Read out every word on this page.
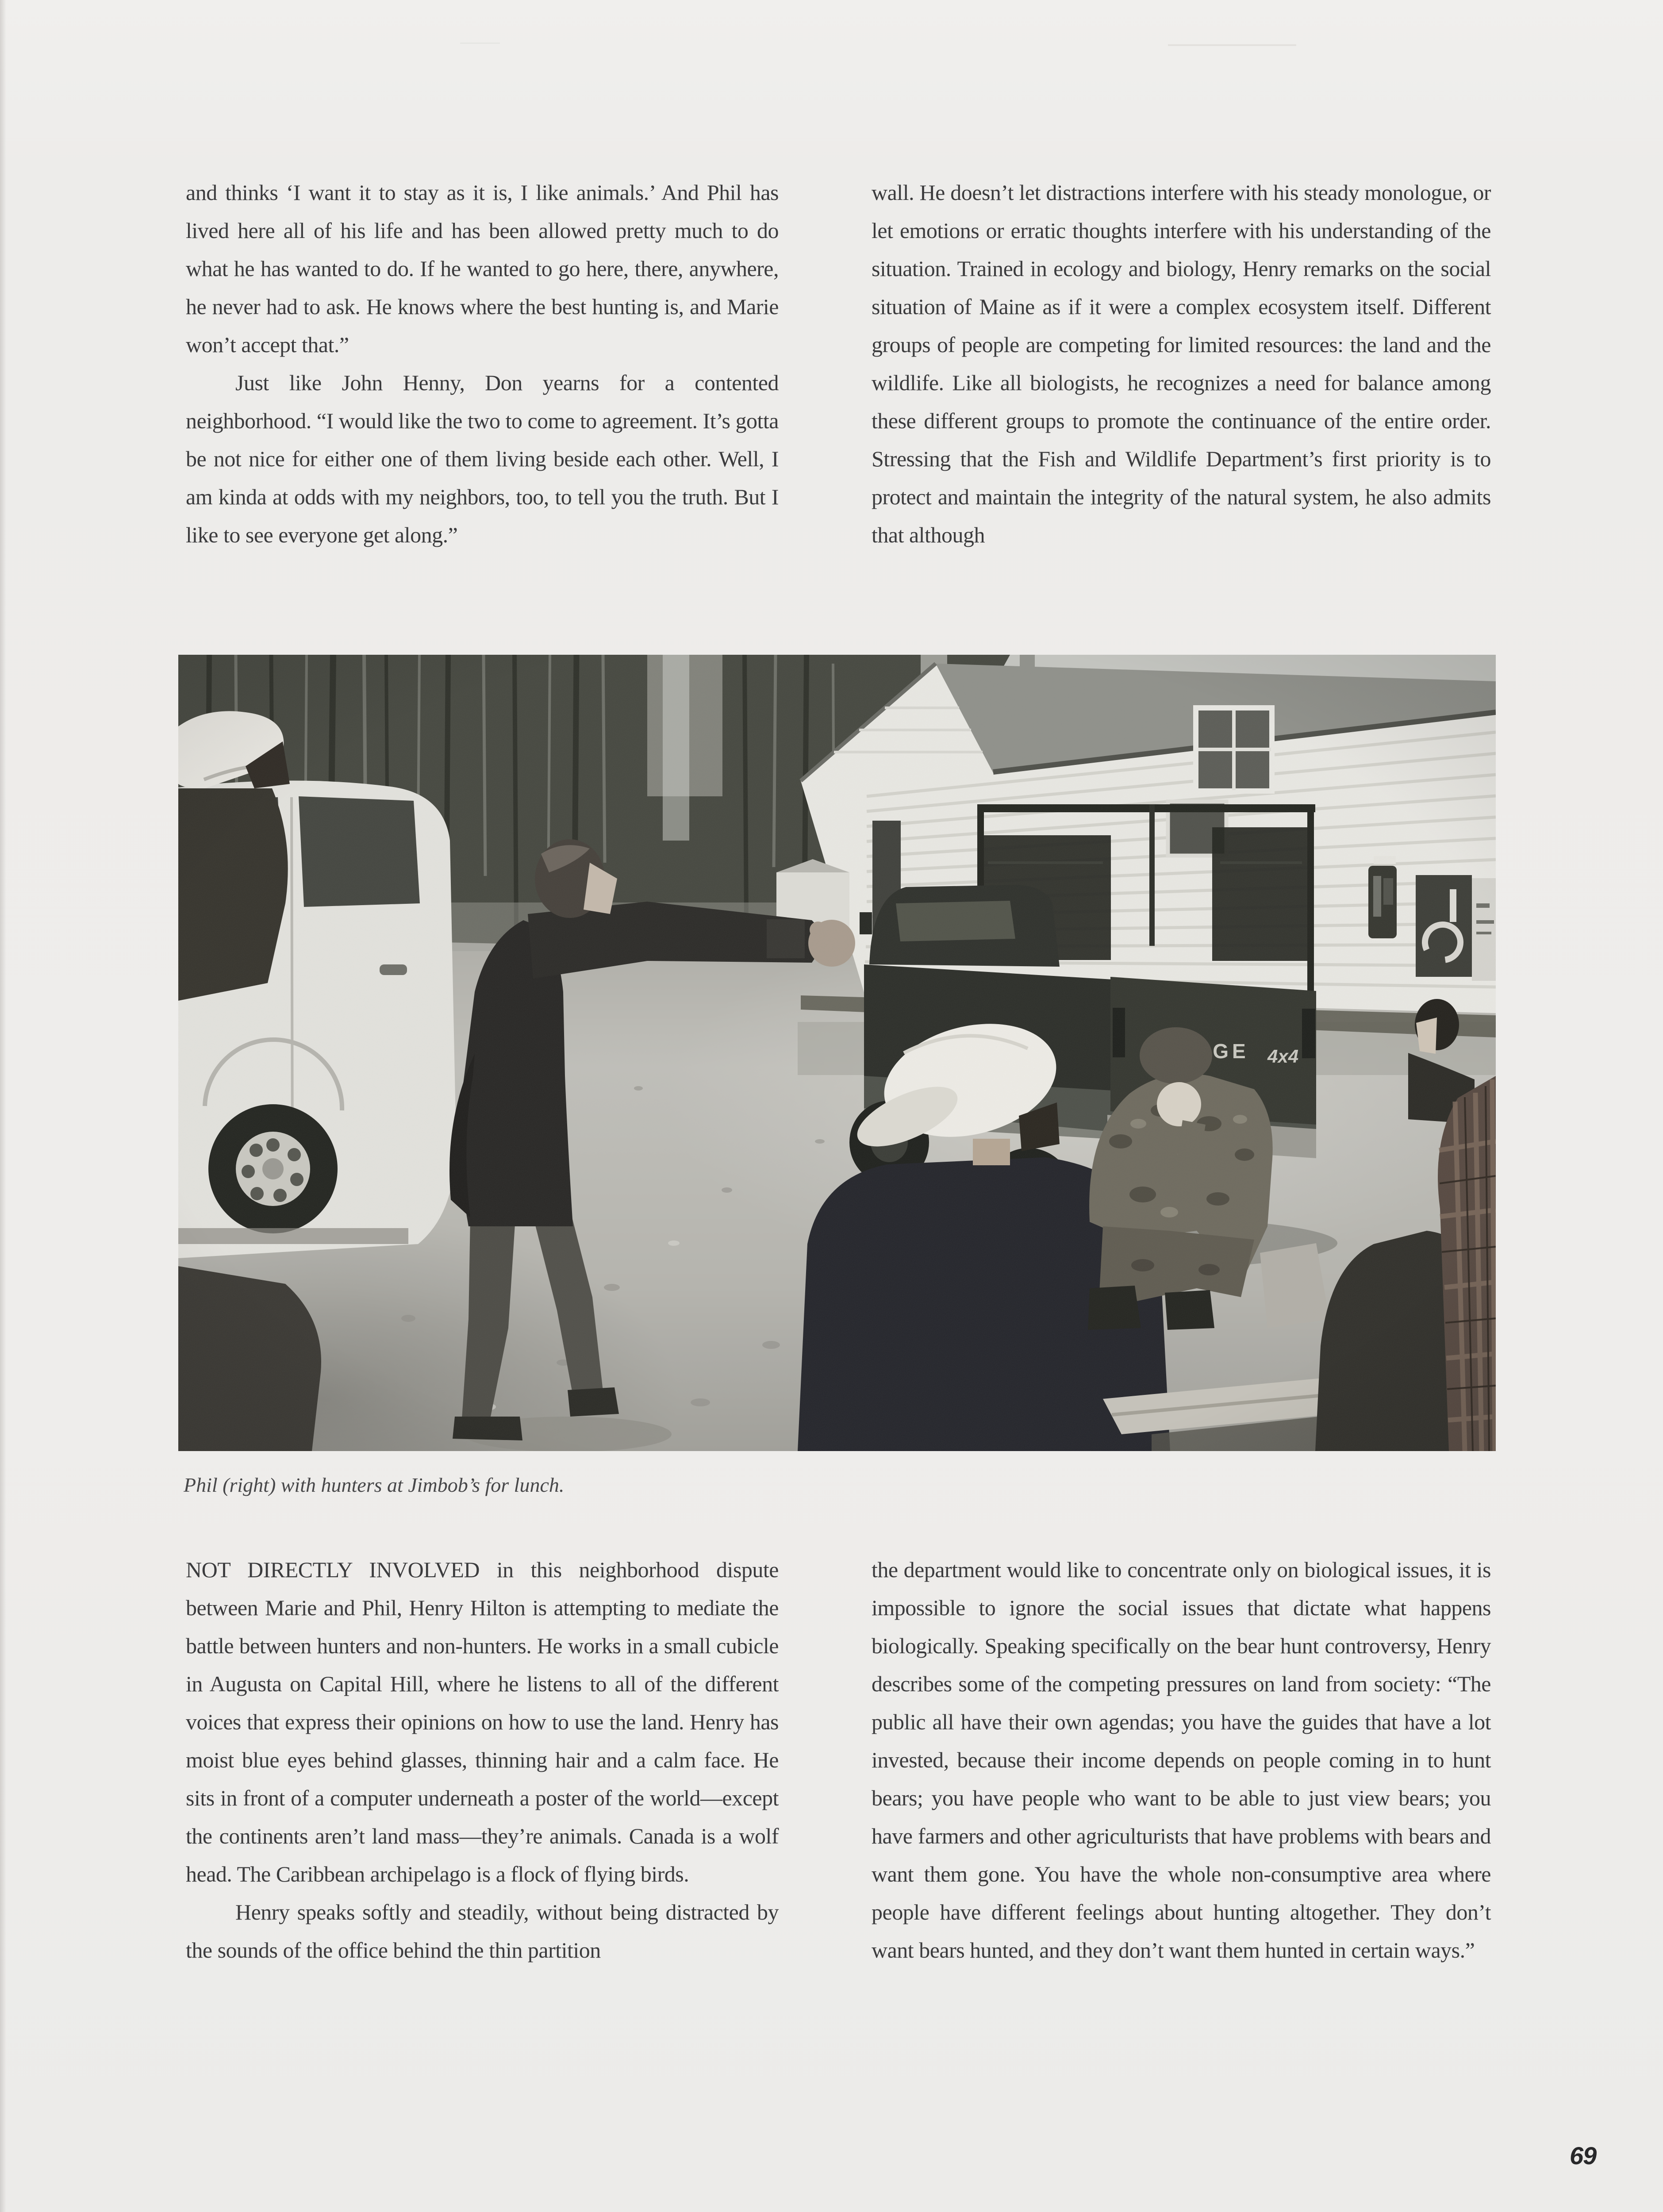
and thinks ‘I want it to stay as it is, I like animals.’ And Phil has lived here all of his life and has been allowed pretty much to do what he has wanted to do. If he wanted to go here, there, anywhere, he never had to ask. He knows where the best hunting is, and Marie won’t accept that.”

Just like John Henny, Don yearns for a contented neighborhood. “I would like the two to come to agreement. It’s gotta be not nice for either one of them living beside each other. Well, I am kinda at odds with my neighbors, too, to tell you the truth. But I like to see everyone get along.”

wall. He doesn’t let distractions interfere with his steady monologue, or let emotions or erratic thoughts interfere with his understanding of the situation. Trained in ecology and biology, Henry remarks on the social situation of Maine as if it were a complex ecosystem itself. Different groups of people are competing for limited resources: the land and the wildlife. Like all biologists, he recognizes a need for balance among these different groups to promote the continuance of the entire order. Stressing that the Fish and Wildlife Department’s first priority is to protect and maintain the integrity of the natural system, he also admits that although

Phil (right) with hunters at Jimbob’s for lunch.

NOT DIRECTLY INVOLVED in this neighborhood dispute between Marie and Phil, Henry Hilton is attempting to mediate the battle between hunters and non-hunters. He works in a small cubicle in Augusta on Capital Hill, where he listens to all of the different voices that express their opinions on how to use the land. Henry has moist blue eyes behind glasses, thinning hair and a calm face. He sits in front of a computer underneath a poster of the world—except the continents aren’t land mass—they’re animals. Canada is a wolf head. The Caribbean archipelago is a flock of flying birds.

Henry speaks softly and steadily, without being distracted by the sounds of the office behind the thin partition

the department would like to concentrate only on biological issues, it is impossible to ignore the social issues that dictate what happens biologically. Speaking specifically on the bear hunt controversy, Henry describes some of the competing pressures on land from society: “The public all have their own agendas; you have the guides that have a lot invested, because their income depends on people coming in to hunt bears; you have people who want to be able to just view bears; you have farmers and other agriculturists that have problems with bears and want them gone. You have the whole non-consumptive area where people have different feelings about hunting altogether. They don’t want bears hunted, and they don’t want them hunted in certain ways.”

69
